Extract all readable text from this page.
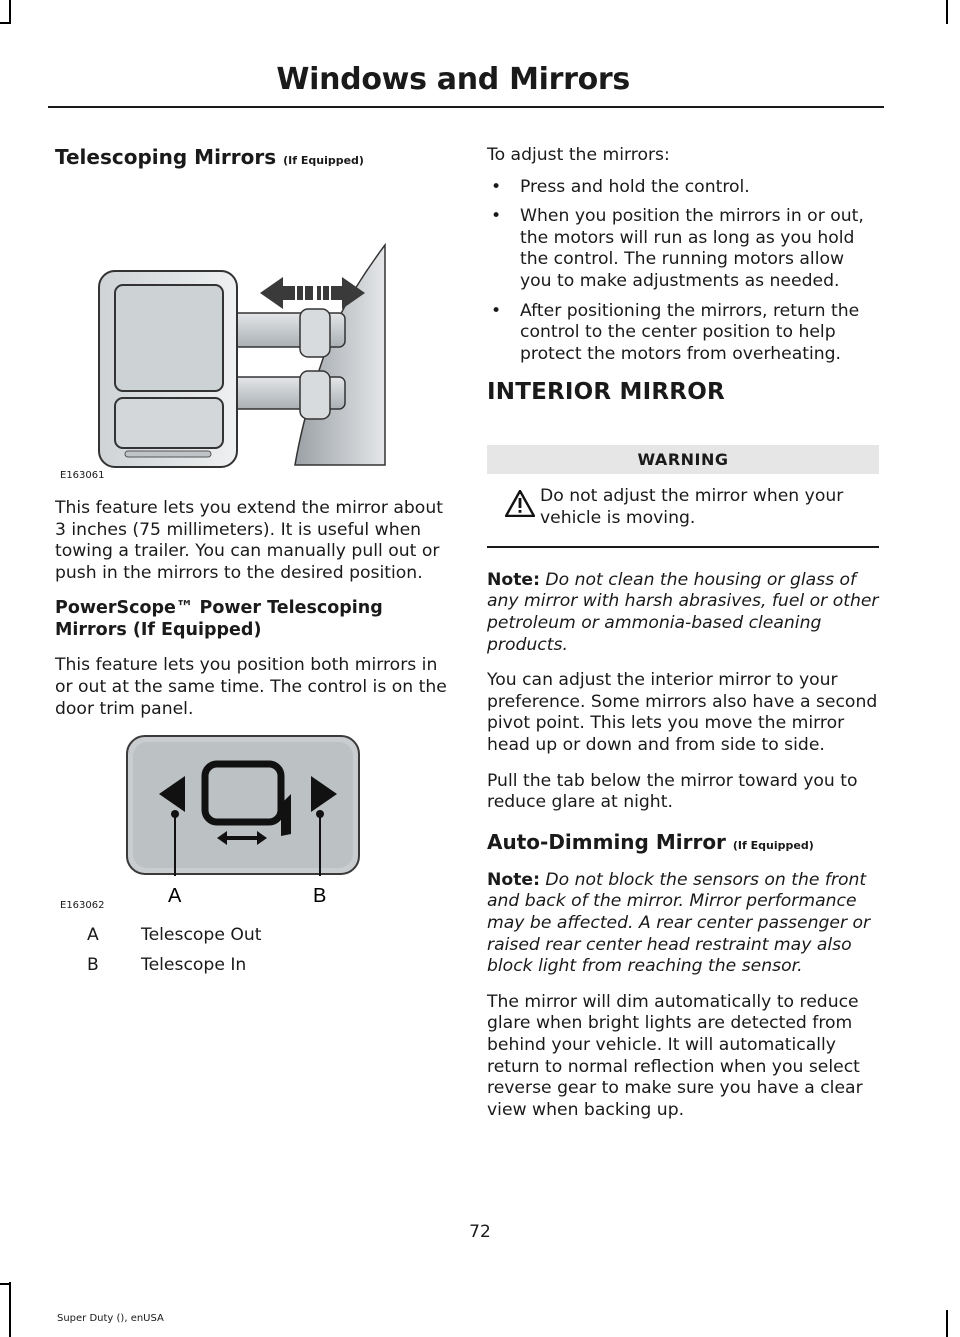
Windows and Mirrors
Telescoping Mirrors (If Equipped)
E163061

This feature lets you extend the mirror about 3 inches (75 millimeters). It is useful when towing a trailer. You can manually pull out or push in the mirrors to the desired position.

PowerScope™ Power Telescoping Mirrors (If Equipped)

This feature lets you position both mirrors in or out at the same time. The control is on the door trim panel.

A	B
E163062
A	Telescope Out
B	Telescope In

To adjust the mirrors:

• Press and hold the control.
• When you position the mirrors in or out, the motors will run as long as you hold the control. The running motors allow you to make adjustments as needed.
• After positioning the mirrors, return the control to the center position to help protect the motors from overheating.
INTERIOR MIRROR
WARNING
Do not adjust the mirror when your vehicle is moving.

Note: Do not clean the housing or glass of any mirror with harsh abrasives, fuel or other petroleum or ammonia-based cleaning products.

You can adjust the interior mirror to your preference. Some mirrors also have a second pivot point. This lets you move the mirror head up or down and from side to side.

Pull the tab below the mirror toward you to reduce glare at night.

Auto-Dimming Mirror (If Equipped)

Note: Do not block the sensors on the front and back of the mirror. Mirror performance may be affected. A rear center passenger or raised rear center head restraint may also block light from reaching the sensor.

The mirror will dim automatically to reduce glare when bright lights are detected from behind your vehicle. It will automatically return to normal reflection when you select reverse gear to make sure you have a clear view when backing up.

72
Super Duty (), enUSA
